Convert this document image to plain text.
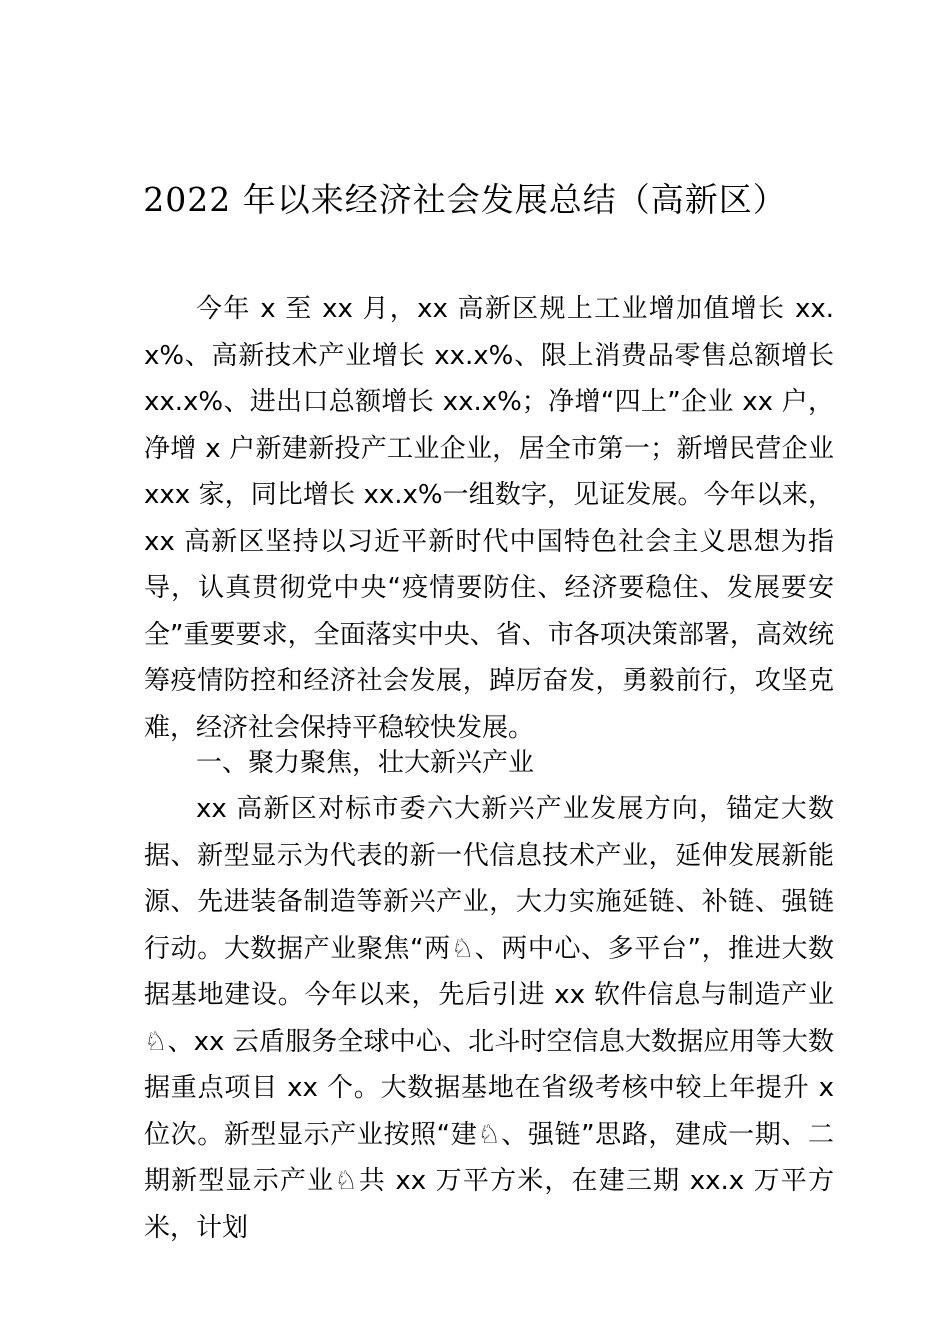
2022 年以来经济社会发展总结（高新区）

今年 x 至 xx 月，xx 高新区规上工业增加值增长 xx.x%、高新技术产业增长 xx.x%、限上消费品零售总额增长 xx.x%、进出口总额增长 xx.x%；净增“四上”企业 xx 户，净增 x 户新建新投产工业企业，居全市第一；新增民营企业 xxx 家，同比增长 xx.x%一组数字，见证发展。今年以来，xx 高新区坚持以习近平新时代中国特色社会主义思想为指导，认真贯彻党中央“疫情要防住、经济要稳住、发展要安全”重要要求，全面落实中央、省、市各项决策部署，高效统筹疫情防控和经济社会发展，踔厉奋发，勇毅前行，攻坚克难，经济社会保持平稳较快发展。

一、聚力聚焦，壮大新兴产业

xx 高新区对标市委六大新兴产业发展方向，锚定大数据、新型显示为代表的新一代信息技术产业，延伸发展新能源、先进装备制造等新兴产业，大力实施延链、补链、强链行动。大数据产业聚焦“两♘、两中心、多平台”，推进大数据基地建设。今年以来，先后引进 xx 软件信息与制造产业♘、xx 云盾服务全球中心、北斗时空信息大数据应用等大数据重点项目 xx 个。大数据基地在省级考核中较上年提升 x 位次。新型显示产业按照“建♘、强链”思路，建成一期、二期新型显示产业♘共 xx 万平方米，在建三期 xx.x 万平方米，计划
